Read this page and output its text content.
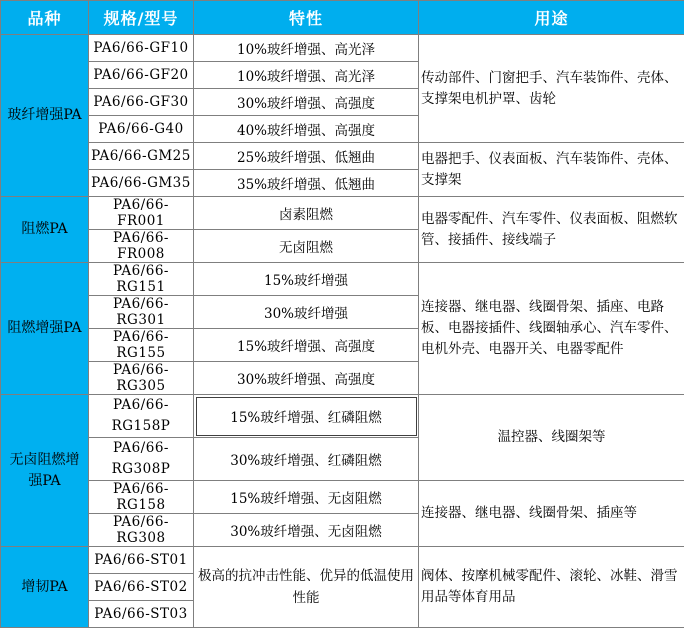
品种	规格/型号	特性	用途
玻纤增强PA	PA6/66-GF10	10%玻纤增强、高光泽	传动部件、门窗把手、汽车装饰件、壳体、支撑架电机护罩、齿轮
	PA6/66-GF20	10%玻纤增强、高光泽	
	PA6/66-GF30	30%玻纤增强、高强度	
	PA6/66-G40	40%玻纤增强、高强度	
	PA6/66-GM25	25%玻纤增强、低翘曲	电器把手、仪表面板、汽车装饰件、壳体、支撑架
	PA6/66-GM35	35%玻纤增强、低翘曲	
阻燃PA	PA6/66-FR001	卤素阻燃	电器零配件、汽车零件、仪表面板、阻燃软管、接插件、接线端子
	PA6/66-FR008	无卤阻燃	
阻燃增强PA	PA6/66-RG151	15%玻纤增强	连接器、继电器、线圈骨架、插座、电路板、电器接插件、线圈轴承心、汽车零件、电机外壳、电器开关、电器零配件
	PA6/66-RG301	30%玻纤增强	
	PA6/66-RG155	15%玻纤增强、高强度	
	PA6/66-RG305	30%玻纤增强、高强度	
无卤阻燃增强PA	PA6/66-RG158P	15%玻纤增强、红磷阻燃	温控器、线圈架等
	PA6/66-RG308P	30%玻纤增强、红磷阻燃	
	PA6/66-RG158	15%玻纤增强、无卤阻燃	连接器、继电器、线圈骨架、插座等
	PA6/66-RG308	30%玻纤增强、无卤阻燃	
增韧PA	PA6/66-ST01	极高的抗冲击性能、优异的低温使用性能	阀体、按摩机械零配件、滚轮、冰鞋、滑雪用品等体育用品
	PA6/66-ST02		
	PA6/66-ST03		
